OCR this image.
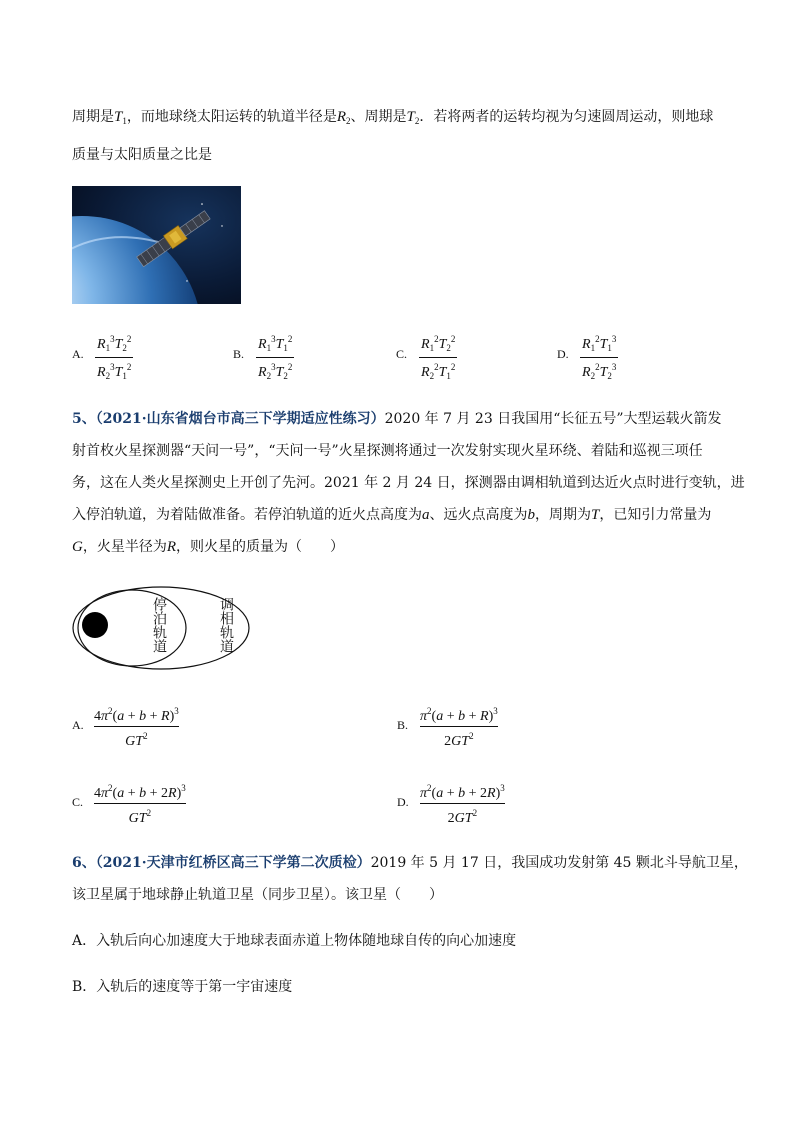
周期是$T_1$，而地球绕太阳运转的轨道半径是$R_2$、周期是$T_2$．若将两者的运转均视为匀速圆周运动，则地球
质量与太阳质量之比是
A.
$R_1^3T_2^2$
$R_2^3T_1^2$
B.
$R_1^3T_1^2$
$R_2^3T_2^2$
C.
$R_1^2T_2^2$
$R_2^2T_1^2$
D.
$R_1^2T_1^3$
$R_2^2T_2^3$
5、（2021·山东省烟台市高三下学期适应性练习）2020 年 7 月 23 日我国用“长征五号”大型运载火箭发
射首枚火星探测器“天问一号”，“天问一号”火星探测将通过一次发射实现火星环绕、着陆和巡视三项任
务，这在人类火星探测史上开创了先河。2021 年 2 月 24 日，探测器由调相轨道到达近火点时进行变轨，进
入停泊轨道，为着陆做准备。若停泊轨道的近火点高度为a、远火点高度为b，周期为T，已知引力常量为
G，火星半径为R，则火星的质量为（　　）
停泊轨道	调相轨道
A.
$4\pi^2(a + b + R)^3$
$GT^2$
B.
$\pi^2(a + b + R)^3$
$2GT^2$
C.
$4\pi^2(a + b + 2R)^3$
$GT^2$
D.
$\pi^2(a + b + 2R)^3$
$2GT^2$
6、（2021·天津市红桥区高三下学第二次质检）2019 年 5 月 17 日，我国成功发射第 45 颗北斗导航卫星，
该卫星属于地球静止轨道卫星（同步卫星）。该卫星（　　）
A．入轨后向心加速度大于地球表面赤道上物体随地球自传的向心加速度
B．入轨后的速度等于第一宇宙速度
